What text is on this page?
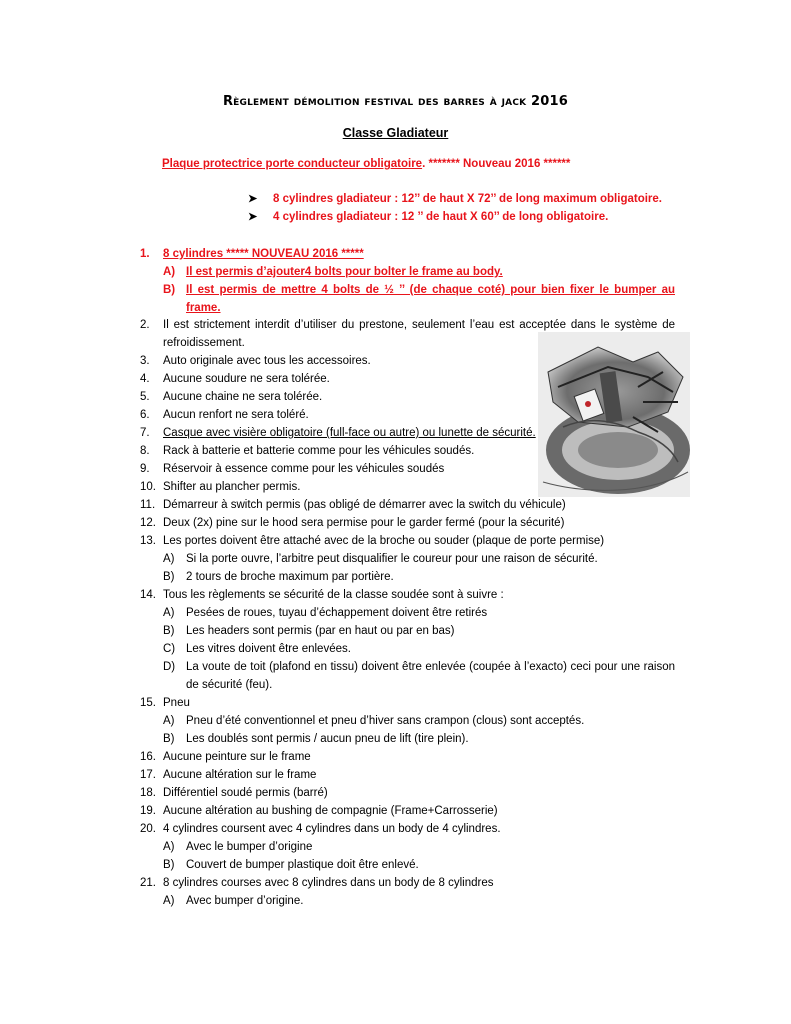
Règlement démolition festival des barres à jack 2016
Classe Gladiateur
Plaque protectrice porte conducteur obligatoire. ******* Nouveau 2016 ******
➤ 8 cylindres gladiateur : 12’’ de haut X 72’’ de long maximum obligatoire.
➤ 4 cylindres gladiateur : 12 ’’ de haut X 60’’ de long obligatoire.
1.	8 cylindres ***** NOUVEAU 2016 *****
A) Il est permis d’ajouter4 bolts pour bolter le frame au body.
B) Il est permis de mettre 4 bolts de ½ ’’ (de chaque coté) pour bien fixer le bumper au frame.
2.	Il est strictement interdit d’utiliser du prestone, seulement l’eau est acceptée dans le système de refroidissement.
3.	Auto originale avec tous les accessoires.
4.	Aucune soudure ne sera tolérée.
5.	Aucune chaine ne sera tolérée.
6.	Aucun renfort ne sera toléré.
7.	Casque avec visière obligatoire (full-face ou autre) ou lunette de sécurité.
8.	Rack à batterie et batterie comme pour les véhicules soudés.
9.	Réservoir à essence comme pour les véhicules soudés
10. Shifter au plancher permis.
11. Démarreur à switch permis (pas obligé de démarrer avec la switch du véhicule)
12. Deux (2x) pine sur le hood sera permise pour le garder fermé (pour la sécurité)
13. Les portes doivent être attaché avec de la broche ou souder (plaque de porte permise)
A)	Si la porte ouvre, l’arbitre peut disqualifier le coureur pour une raison de sécurité.
B)	2 tours de broche maximum par portière.
14. Tous les règlements se sécurité de la classe soudée sont à suivre :
A)	Pesées de roues, tuyau d’échappement doivent être retirés
B)	Les headers sont permis (par en haut ou par en bas)
C) Les vitres doivent être enlevées.
D) La voute de toit (plafond en tissu) doivent être enlevée (coupée à l’exacto) ceci pour une raison de sécurité (feu).
15. Pneu
A)	Pneu d’été conventionnel et pneu d’hiver sans crampon (clous) sont acceptés.
B)	Les doublés sont permis / aucun pneu de lift (tire plein).
16. Aucune peinture sur le frame
17. Aucune altération sur le frame
18. Différentiel soudé permis (barré)
19. Aucune altération au bushing de compagnie (Frame+Carrosserie)
20. 4 cylindres coursent avec 4 cylindres dans un body de 4 cylindres.
A)	Avec le bumper d’origine
B)	Couvert de bumper plastique doit être enlevé.
21. 8 cylindres courses avec 8 cylindres dans un body de 8 cylindres
A)	Avec bumper d’origine.
